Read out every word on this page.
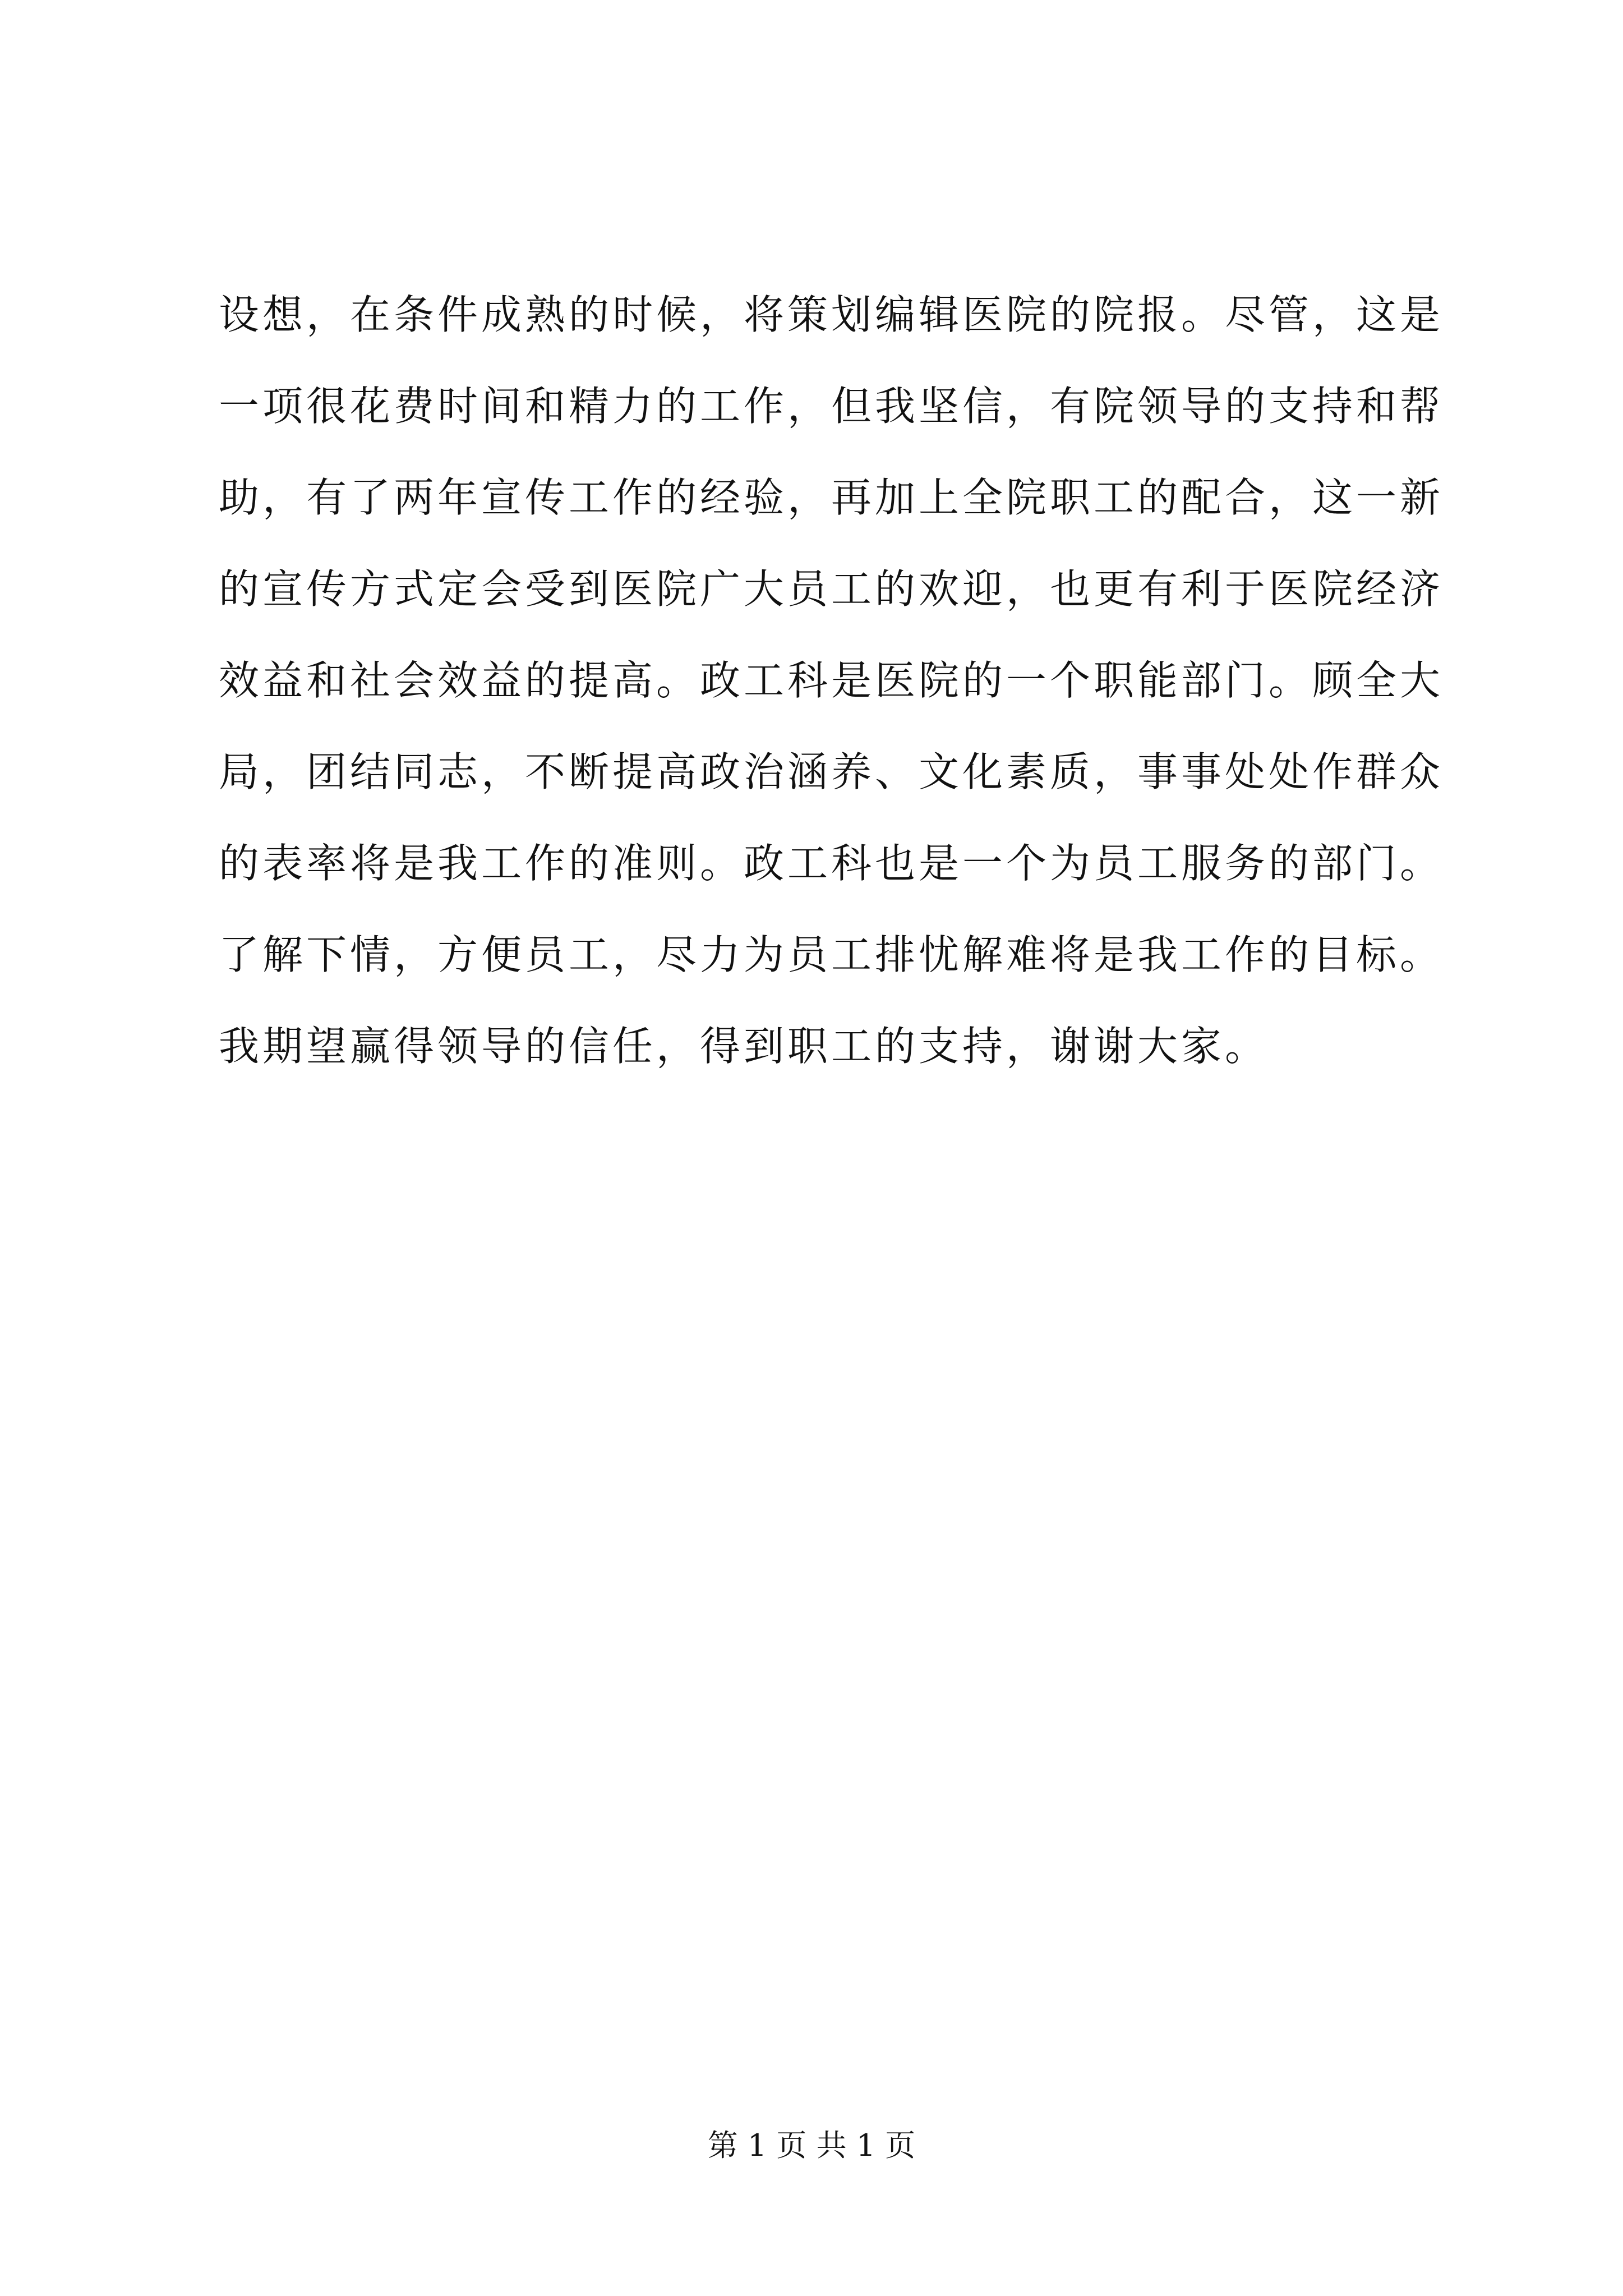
设想，在条件成熟的时候，将策划编辑医院的院报。尽管，这是
一项很花费时间和精力的工作，但我坚信，有院领导的支持和帮
助，有了两年宣传工作的经验，再加上全院职工的配合，这一新
的宣传方式定会受到医院广大员工的欢迎，也更有利于医院经济
效益和社会效益的提高。政工科是医院的一个职能部门。顾全大
局，团结同志，不断提高政治涵养、文化素质，事事处处作群众
的表率将是我工作的准则。政工科也是一个为员工服务的部门。
了解下情，方便员工，尽力为员工排忧解难将是我工作的目标。
我期望赢得领导的信任，得到职工的支持，谢谢大家。
第 1 页 共 1 页
